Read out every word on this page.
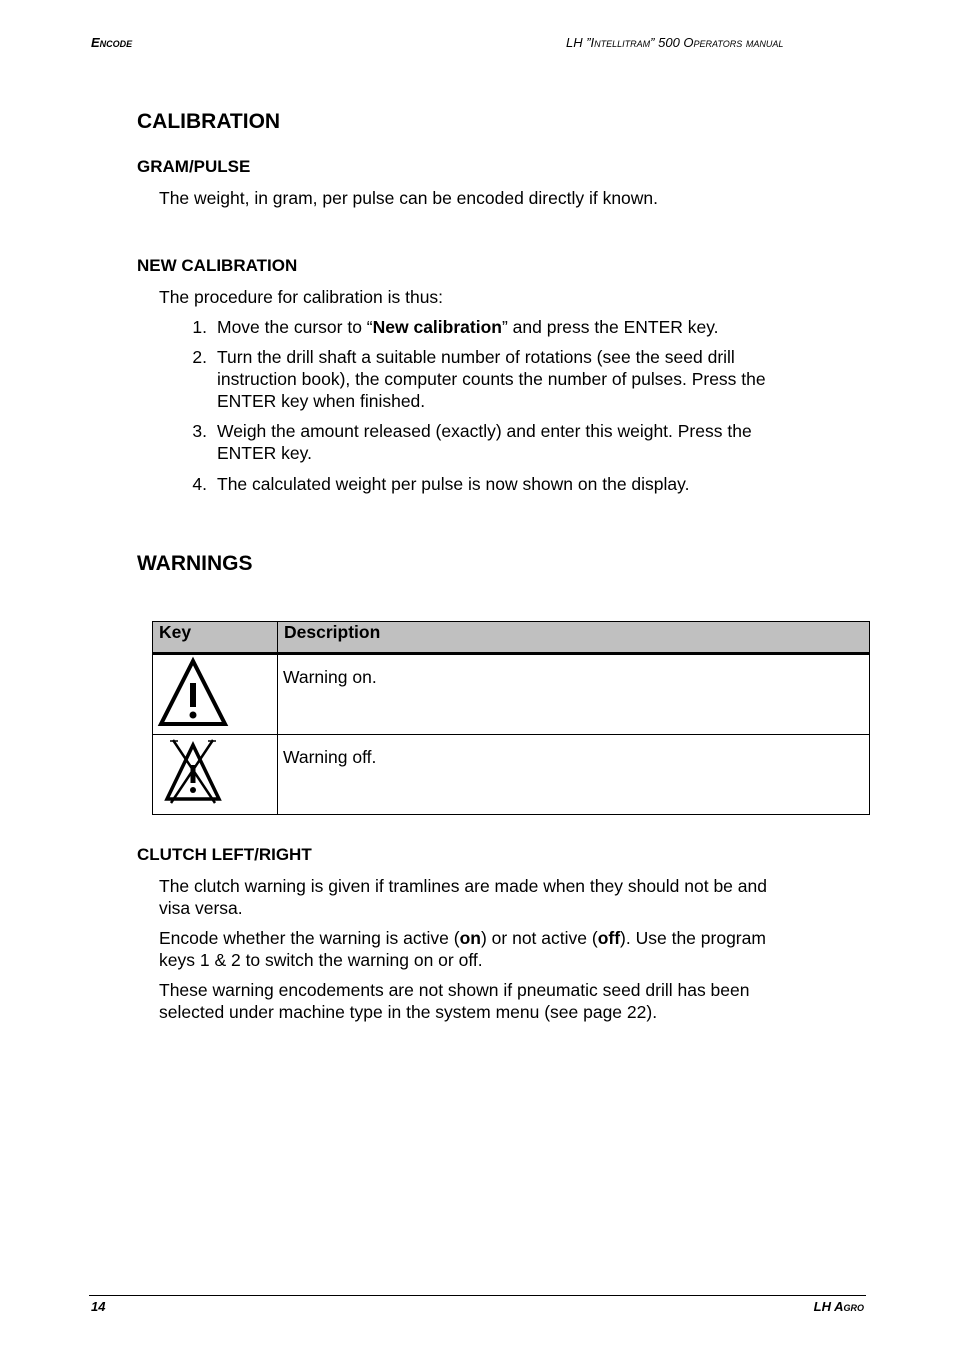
Encode	LH ”Intellitram” 500 Operators manual
CALIBRATION
GRAM/PULSE
The weight, in gram, per pulse can be encoded directly if known.
NEW CALIBRATION
The procedure for calibration is thus:
1. Move the cursor to “New calibration” and press the ENTER key.
2. Turn the drill shaft a suitable number of rotations (see the seed drill
instruction book), the computer counts the number of pulses. Press the
ENTER key when finished.
3. Weigh the amount released (exactly) and enter this weight. Press the
ENTER key.
4. The calculated weight per pulse is now shown on the display.
WARNINGS
Key	Description
	Warning on.
	Warning off.
CLUTCH LEFT/RIGHT
The clutch warning is given if tramlines are made when they should not be and
visa versa.
Encode whether the warning is active (on) or not active (off). Use the program
keys 1 & 2 to switch the warning on or off.
These warning encodements are not shown if pneumatic seed drill has been
selected under machine type in the system menu (see page 22).
14	LH Agro
